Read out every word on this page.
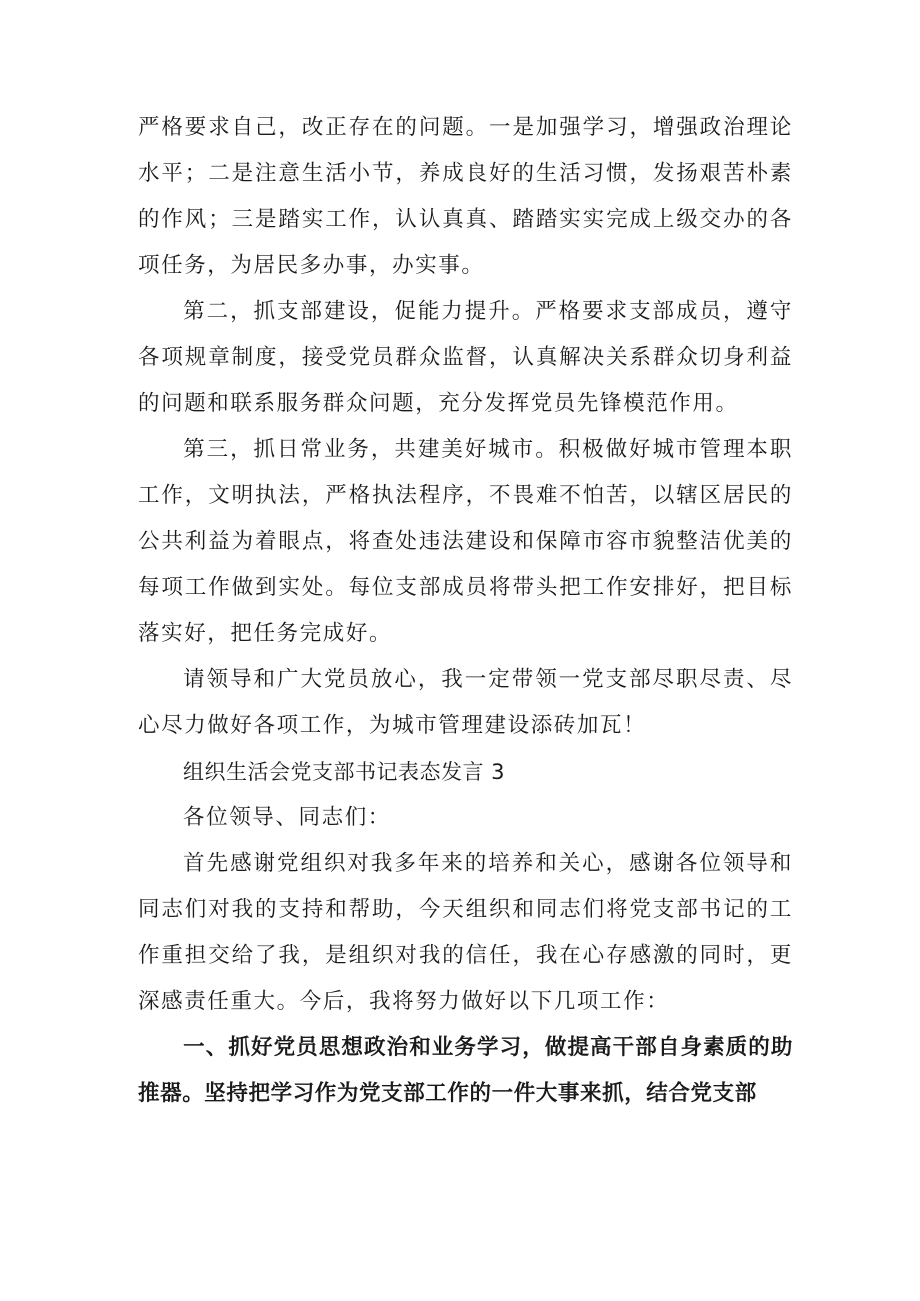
严格要求自己，改正存在的问题。一是加强学习，增强政治理论水平；二是注意生活小节，养成良好的生活习惯，发扬艰苦朴素的作风；三是踏实工作，认认真真、踏踏实实完成上级交办的各项任务，为居民多办事，办实事。

第二，抓支部建设，促能力提升。严格要求支部成员，遵守各项规章制度，接受党员群众监督，认真解决关系群众切身利益的问题和联系服务群众问题，充分发挥党员先锋模范作用。

第三，抓日常业务，共建美好城市。积极做好城市管理本职工作，文明执法，严格执法程序，不畏难不怕苦，以辖区居民的公共利益为着眼点，将查处违法建设和保障市容市貌整洁优美的每项工作做到实处。每位支部成员将带头把工作安排好，把目标落实好，把任务完成好。

请领导和广大党员放心，我一定带领一党支部尽职尽责、尽心尽力做好各项工作，为城市管理建设添砖加瓦！

组织生活会党支部书记表态发言 3

各位领导、同志们：

首先感谢党组织对我多年来的培养和关心，感谢各位领导和同志们对我的支持和帮助，今天组织和同志们将党支部书记的工作重担交给了我，是组织对我的信任，我在心存感激的同时，更深感责任重大。今后，我将努力做好以下几项工作：

一、抓好党员思想政治和业务学习，做提高干部自身素质的助推器。坚持把学习作为党支部工作的一件大事来抓，结合党支部
